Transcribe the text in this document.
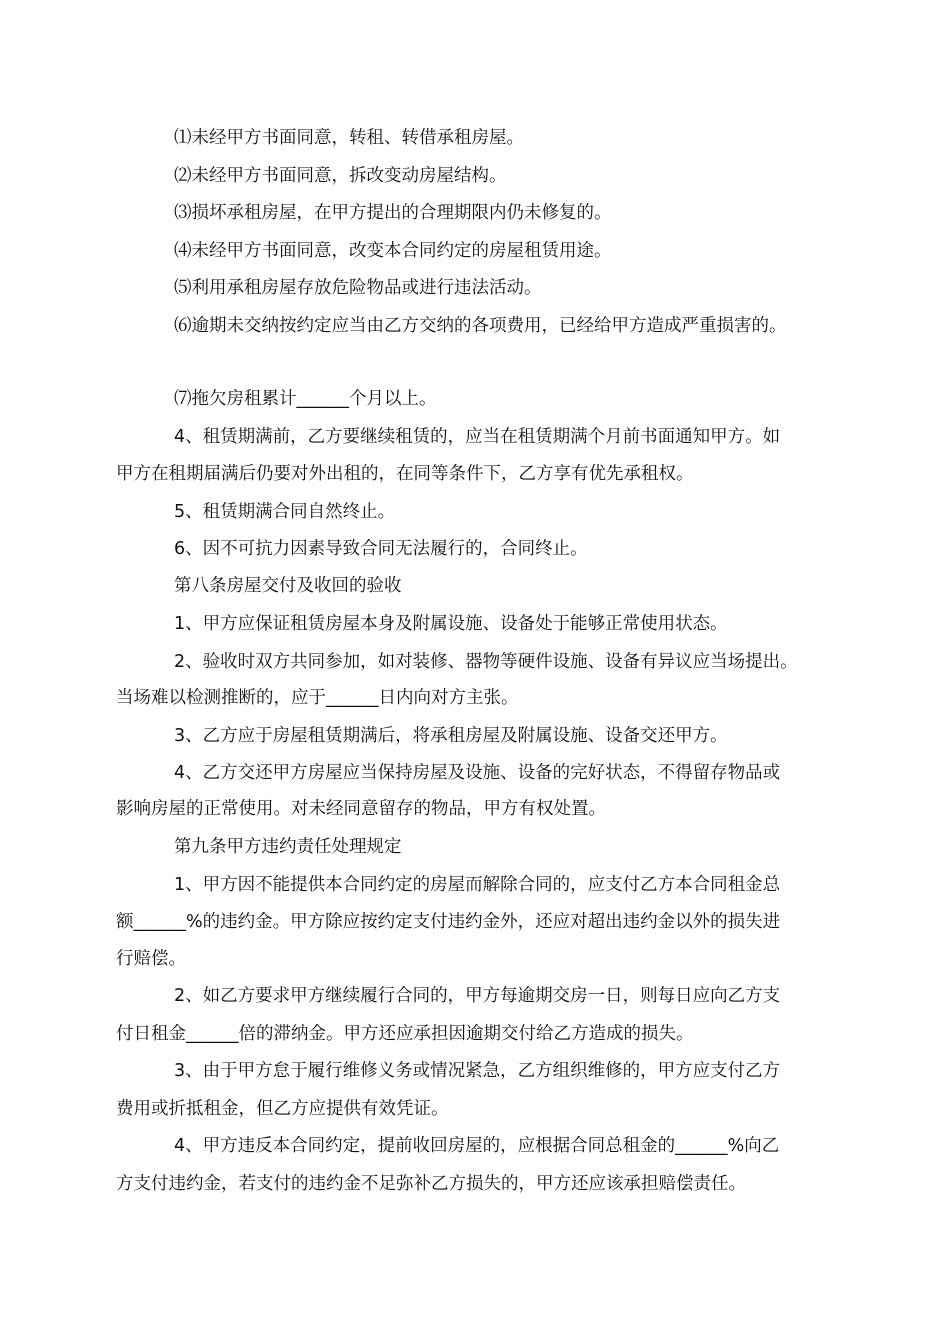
⑴未经甲方书面同意，转租、转借承租房屋。
⑵未经甲方书面同意，拆改变动房屋结构。
⑶损坏承租房屋，在甲方提出的合理期限内仍未修复的。
⑷未经甲方书面同意，改变本合同约定的房屋租赁用途。
⑸利用承租房屋存放危险物品或进行违法活动。
⑹逾期未交纳按约定应当由乙方交纳的各项费用，已经给甲方造成严重损害的。
⑺拖欠房租累计______个月以上。
4、租赁期满前，乙方要继续租赁的，应当在租赁期满个月前书面通知甲方。如
甲方在租期届满后仍要对外出租的，在同等条件下，乙方享有优先承租权。
5、租赁期满合同自然终止。
6、因不可抗力因素导致合同无法履行的，合同终止。
第八条房屋交付及收回的验收
1、甲方应保证租赁房屋本身及附属设施、设备处于能够正常使用状态。
2、验收时双方共同参加，如对装修、器物等硬件设施、设备有异议应当场提出。
当场难以检测推断的，应于______日内向对方主张。
3、乙方应于房屋租赁期满后，将承租房屋及附属设施、设备交还甲方。
4、乙方交还甲方房屋应当保持房屋及设施、设备的完好状态，不得留存物品或
影响房屋的正常使用。对未经同意留存的物品，甲方有权处置。
第九条甲方违约责任处理规定
1、甲方因不能提供本合同约定的房屋而解除合同的，应支付乙方本合同租金总
额______%的违约金。甲方除应按约定支付违约金外，还应对超出违约金以外的损失进
行赔偿。
2、如乙方要求甲方继续履行合同的，甲方每逾期交房一日，则每日应向乙方支
付日租金______倍的滞纳金。甲方还应承担因逾期交付给乙方造成的损失。
3、由于甲方怠于履行维修义务或情况紧急，乙方组织维修的，甲方应支付乙方
费用或折抵租金，但乙方应提供有效凭证。
4、甲方违反本合同约定，提前收回房屋的，应根据合同总租金的______%向乙
方支付违约金，若支付的违约金不足弥补乙方损失的，甲方还应该承担赔偿责任。
